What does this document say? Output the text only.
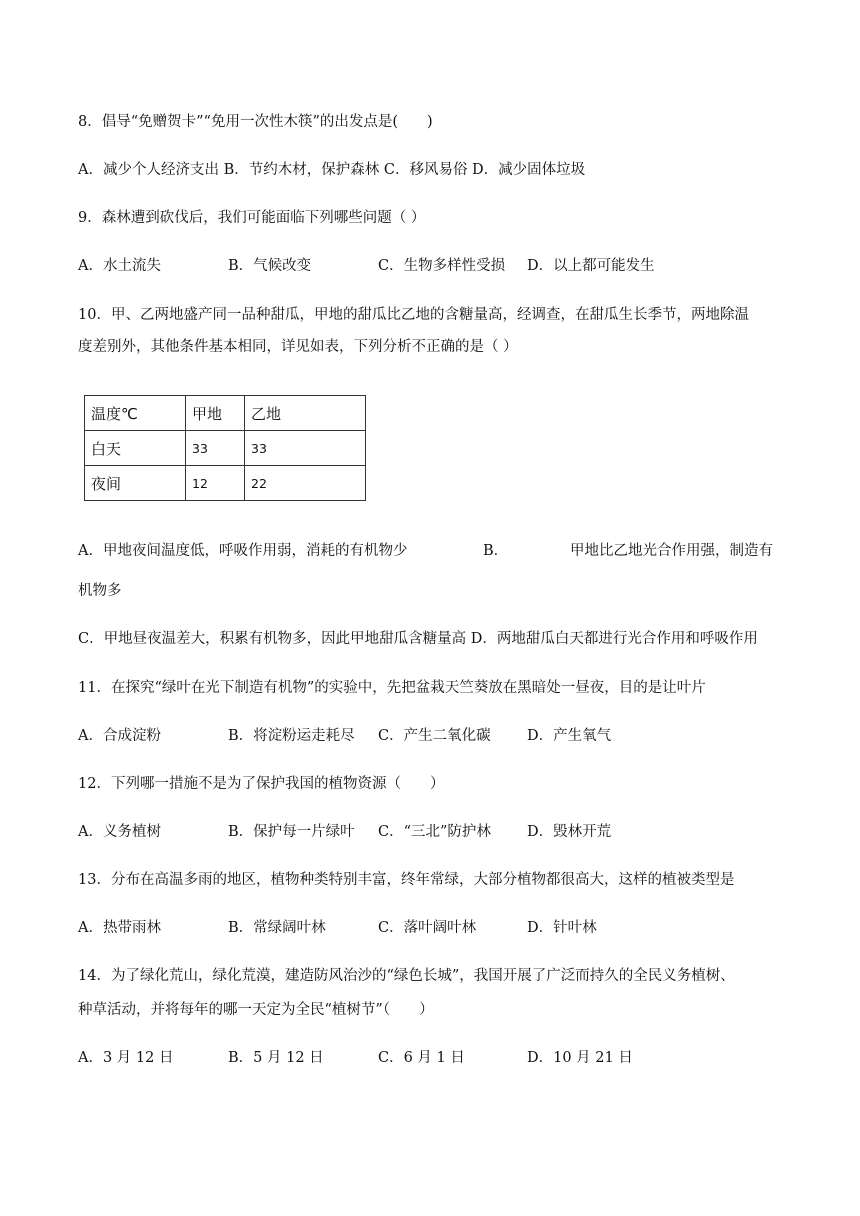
8．倡导“免赠贺卡”“免用一次性木筷”的出发点是(　　)
A．减少个人经济支出 B．节约木材，保护森林 C．移风易俗 D．减少固体垃圾
9．森林遭到砍伐后，我们可能面临下列哪些问题（ ）
A．水土流失	B．气候改变	C．生物多样性受损 D．以上都可能发生
10．甲、乙两地盛产同一品种甜瓜，甲地的甜瓜比乙地的含糖量高，经调查，在甜瓜生长季节，两地除温
度差别外，其他条件基本相同，详见如表，下列分析不正确的是（ ）
温度℃	甲地	乙地
白天	33	33
夜间	12	22
A．甲地夜间温度低，呼吸作用弱，消耗的有机物少	B．	甲地比乙地光合作用强，制造有
机物多
C．甲地昼夜温差大，积累有机物多，因此甲地甜瓜含糖量高 D．两地甜瓜白天都进行光合作用和呼吸作用
11．在探究“绿叶在光下制造有机物”的实验中，先把盆栽天竺葵放在黑暗处一昼夜，目的是让叶片
A．合成淀粉	B．将淀粉运走耗尽 C．产生二氧化碳	D．产生氧气
12．下列哪一措施不是为了保护我国的植物资源（　　）
A．义务植树	B．保护每一片绿叶 C．“三北”防护林 D．毁林开荒
13．分布在高温多雨的地区，植物种类特别丰富，终年常绿，大部分植物都很高大，这样的植被类型是
A．热带雨林	B．常绿阔叶林	C．落叶阔叶林	D．针叶林
14．为了绿化荒山，绿化荒漠，建造防风治沙的“绿色长城”，我国开展了广泛而持久的全民义务植树、
种草活动，并将每年的哪一天定为全民“植树节”（　　）
A．3 月 12 日	B．5 月 12 日	C．6 月 1 日	D．10 月 21 日
